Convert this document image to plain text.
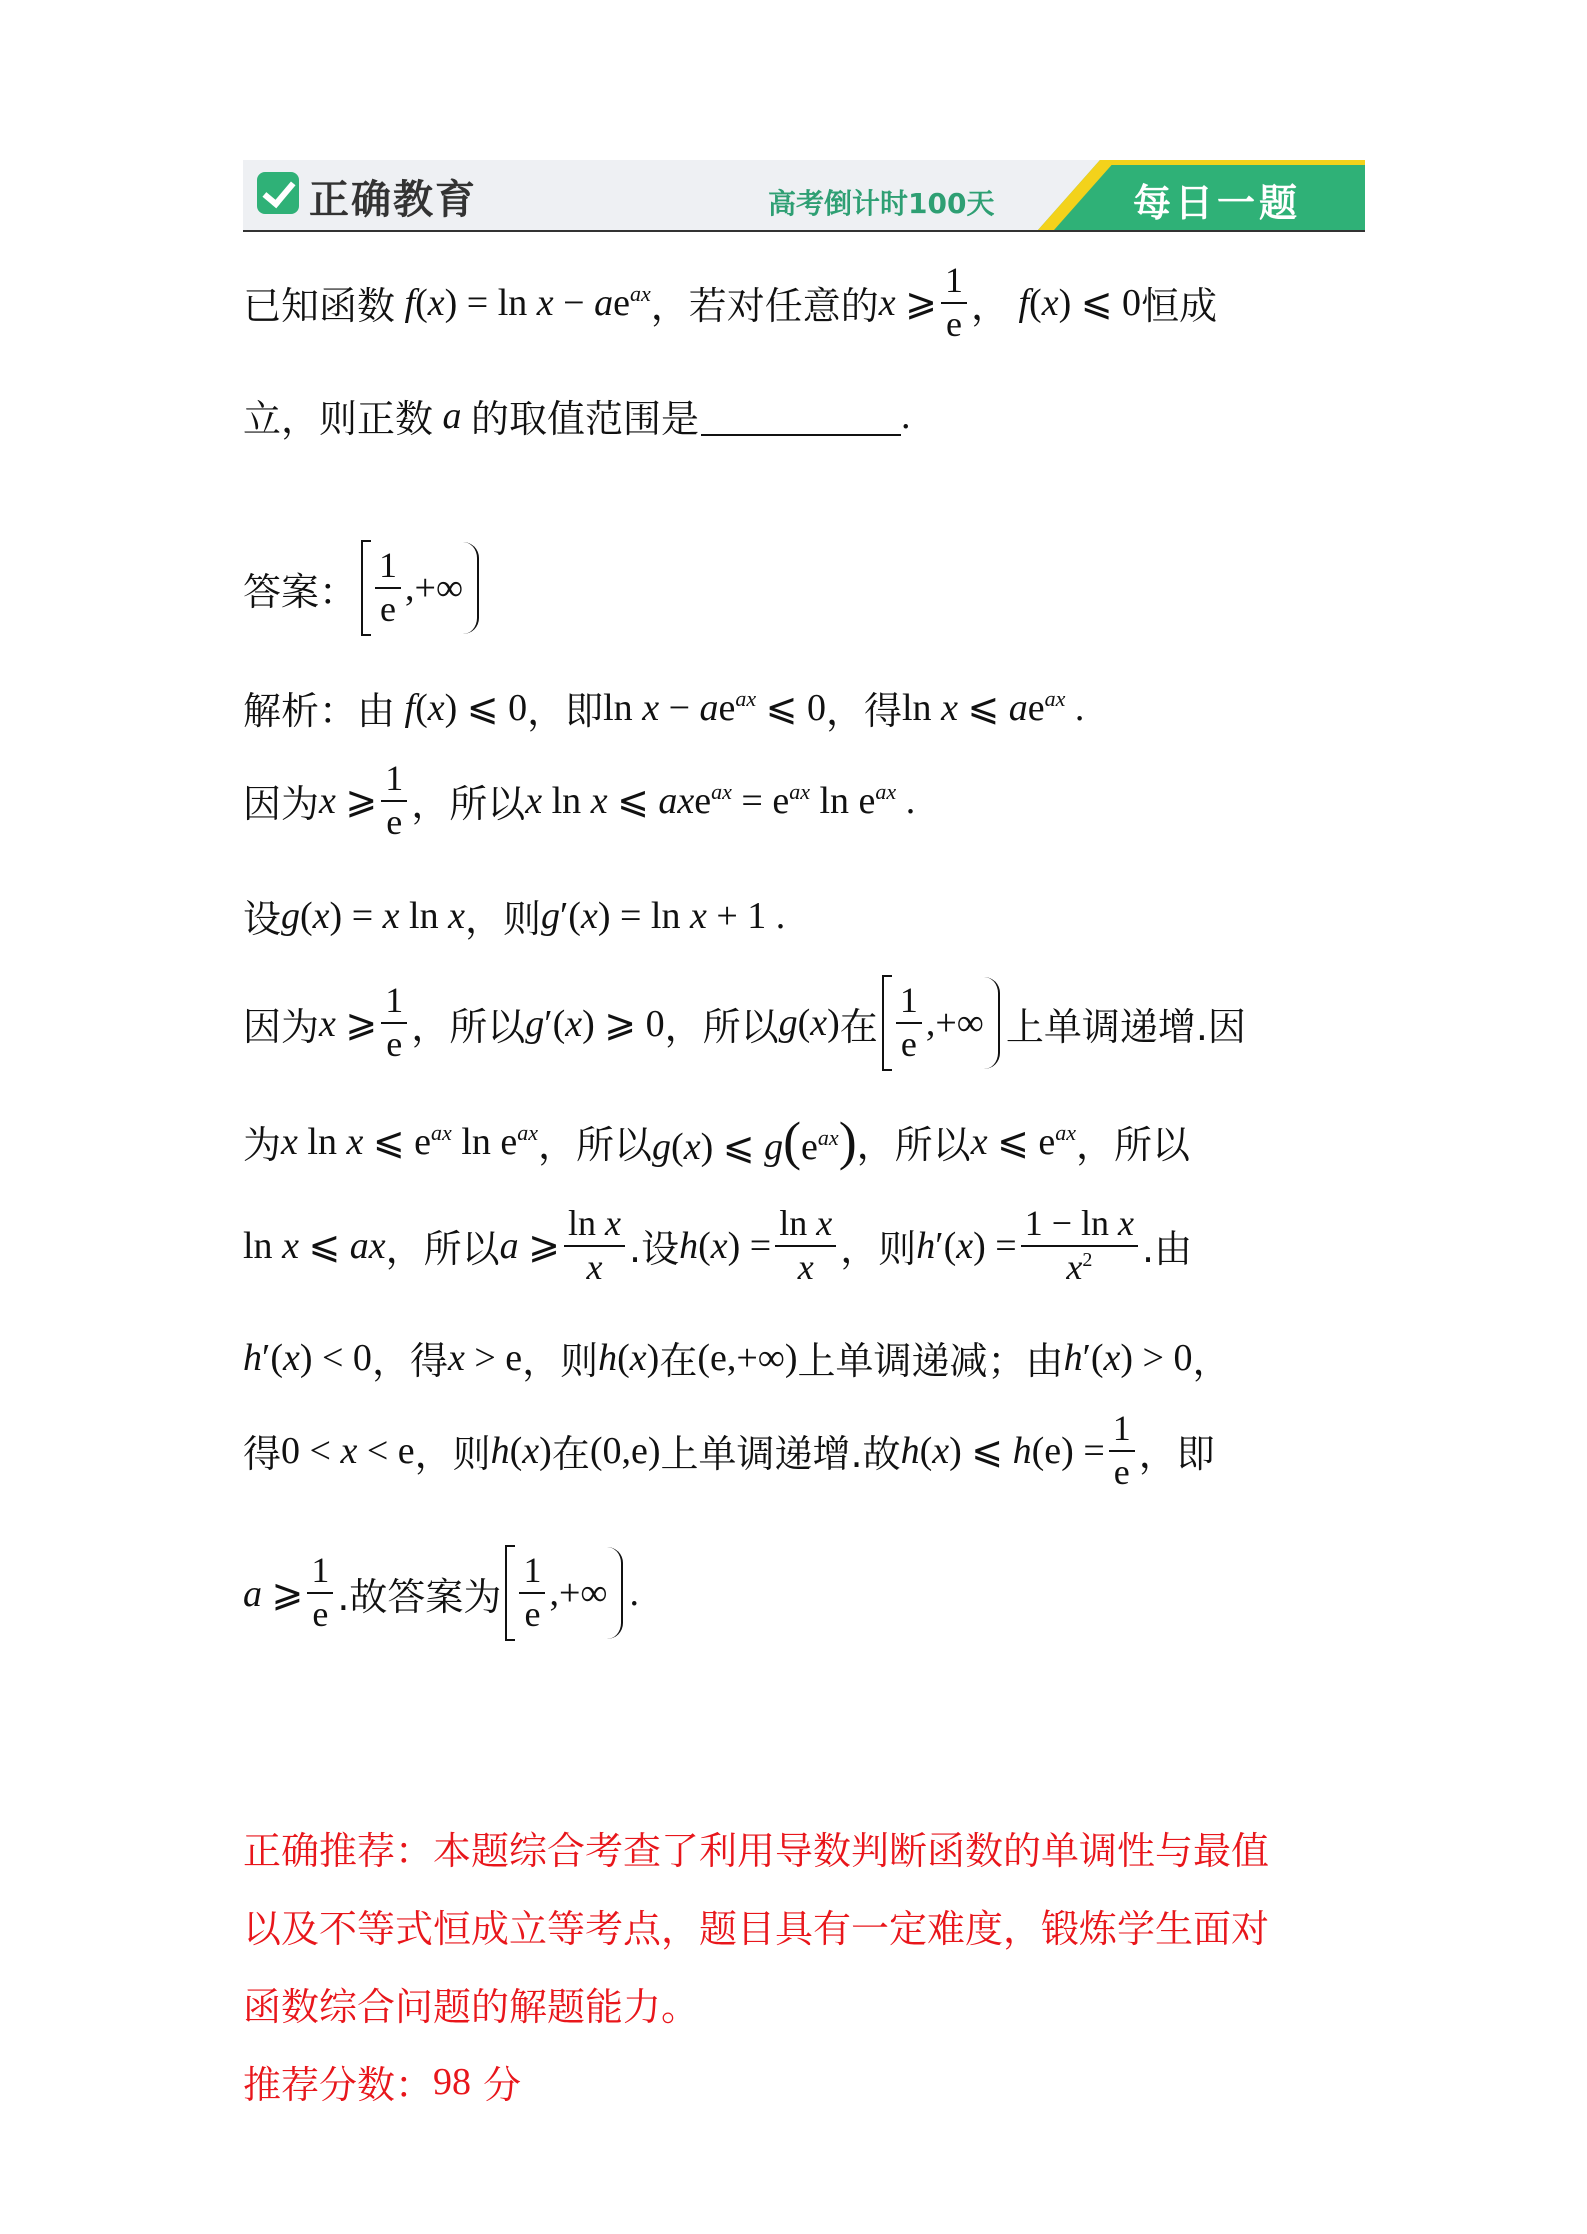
正确教育	高考倒计时100天	每日一题
已知函数 $f(x) = \ln x - ae^{ax}$ ，若对任意的 x ⩾ $\frac{1}{e}$ ， f(x) ⩽ 0 恒成
立，则正数 a 的取值范围是	.
答案： $\frac{1}{e}$ ,+∞
解析：由 f(x) ⩽ 0 ，即 $\ln x - ae^{ax}$ ⩽ 0 ，得 ln x ⩽ $ae^{ax}$ .
因为 x ⩾ $\frac{1}{e}$ ，所以 x ln x ⩽ $axe^{ax} = e^{ax}$ $\ln e^{ax}$ .
设 g(x) = x ln x ，则 g′(x) = ln x + 1 .
因为 x ⩾ $\frac{1}{e}$ ，所以 g′(x) ⩾ 0 ，所以 g(x) 在 $\frac{1}{e}$ ,+∞ 上单调递增.因
为 x ln x ⩽ $e^{ax}$ $\ln e^{ax}$ ，所以 g(x) ⩽ $g(e^{ax})$ ，所以 x ⩽ $e^{ax}$ ，所以
ln x ⩽ ax ，所以 a ⩾ $\frac{\text{ln x}}{x}$ .设 $h(x) = \frac{\text{ln x}}{x}$ ，则 $h'(x) = \frac{\text{1 − ln x}}{x^2}$ .由
h′(x) < 0 ，得 x > e ，则 h(x) 在 (e,+∞) 上单调递减；由 h′(x) > 0 ，
得 0 < x < e ，则 h(x) 在 (0,e) 上单调递增.故 h(x) ⩽ $h(e) = \frac{1}{e}$ ，即
a ⩾ $\frac{1}{e}$ .故答案为 $\frac{1}{e}$ ,+∞ .
正确推荐：本题综合考查了利用导数判断函数的单调性与最值
以及不等式恒成立等考点，题目具有一定难度，锻炼学生面对
函数综合问题的解题能力。
推荐分数： 98
分
